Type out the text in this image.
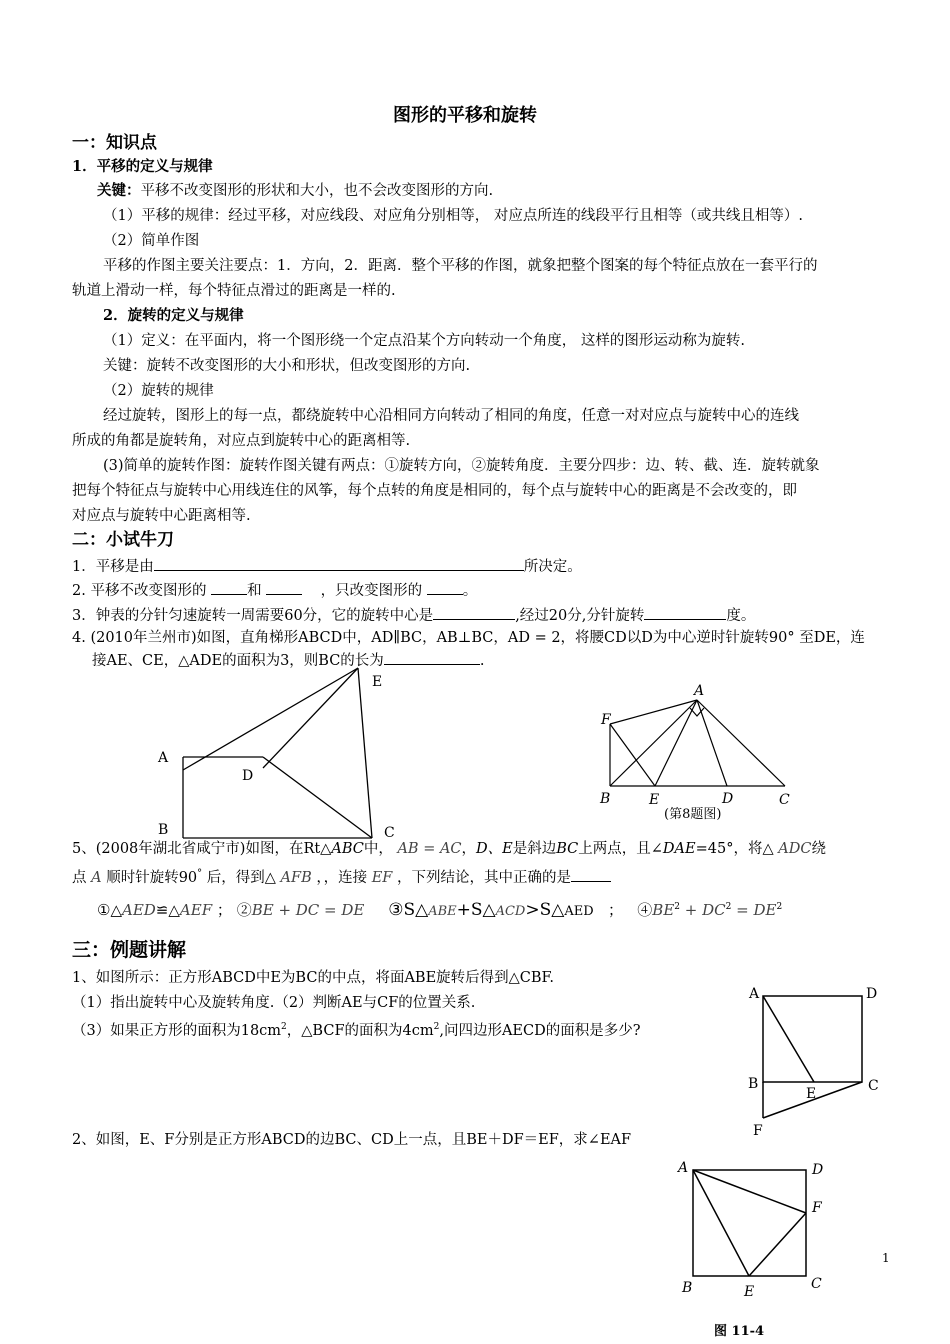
图形的平移和旋转
一：知识点
1．平移的定义与规律
关键：平移不改变图形的形状和大小，也不会改变图形的方向.
（1）平移的规律：经过平移，对应线段、对应角分别相等， 对应点所连的线段平行且相等（或共线且相等）.
（2）简单作图
平移的作图主要关注要点：1．方向，2．距离．整个平移的作图，就象把整个图案的每个特征点放在一套平行的
轨道上滑动一样，每个特征点滑过的距离是一样的.
2．旋转的定义与规律
（1）定义：在平面内，将一个图形绕一个定点沿某个方向转动一个角度， 这样的图形运动称为旋转.
关键：旋转不改变图形的大小和形状，但改变图形的方向.
（2）旋转的规律
经过旋转，图形上的每一点，都绕旋转中心沿相同方向转动了相同的角度，任意一对对应点与旋转中心的连线
所成的角都是旋转角，对应点到旋转中心的距离相等.
(3)简单的旋转作图：旋转作图关键有两点：①旋转方向，②旋转角度．主要分四步：边、转、截、连．旋转就象
把每个特征点与旋转中心用线连住的风筝，每个点转的角度是相同的，每个点与旋转中心的距离是不会改变的，即
对应点与旋转中心距离相等.
二：小试牛刀
1．平移是由	所决定。
2. 平移不改变图形的	和	，只改变图形的	。
3．钟表的分针匀速旋转一周需要60分，它的旋转中心是	,经过20分,分针旋转	度。
4. (2010年兰州市)如图，直角梯形ABCD中，AD∥BC，AB⊥BC，AD = 2，将腰CD以D为中心逆时针旋转90° 至DE，连
接AE、CE，△ADE的面积为3，则BC的长为	.
A
B	C
D
E
A
F
B	E	D	C
(第8题图)
A	D
B
E	C
F
A	D
F
B	E	C
5、(2008年湖北省咸宁市)如图，在Rt△ABC中， AB = AC，D、E是斜边BC上两点，且∠DAE=45°，将△ ADC绕
点 A 顺时针旋转90° 后，得到△ AFB ，，连接 EF ，下列结论，其中正确的是
①△AED≌△AEF ； ②BE + DC = DE ③S△ABE+S△ACD>S△AED ； $④BE^2 + DC^2 = DE^2$
三：例题讲解
1、如图所示：正方形ABCD中E为BC的中点，将面ABE旋转后得到△CBF.
（1）指出旋转中心及旋转角度.（2）判断AE与CF的位置关系.
（3）如果正方形的面积为$18cm^2$，△BCF的面积为$4cm^2$,问四边形AECD的面积是多少?
2、如图，E、F分别是正方形ABCD的边BC、CD上一点，且BE＋DF＝EF，求∠EAF
1
图 11-4
